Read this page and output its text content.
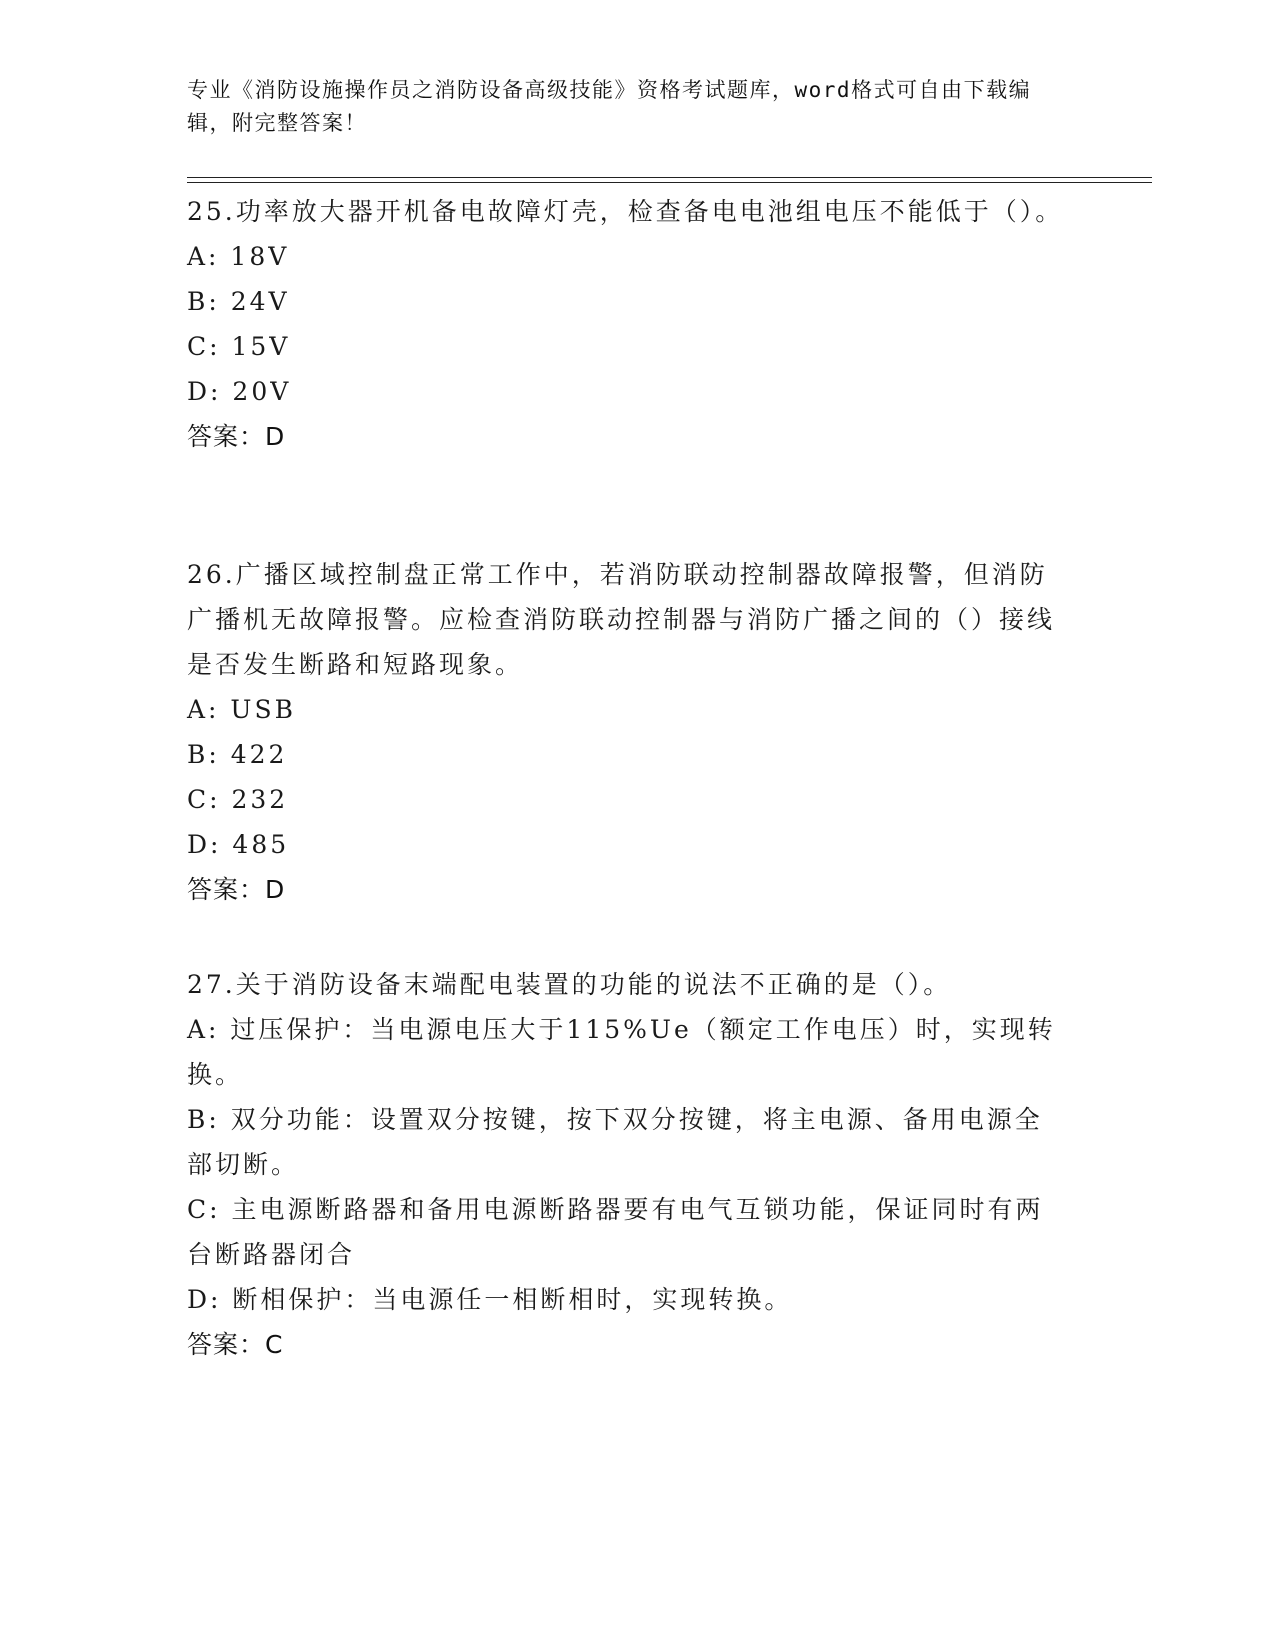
专业《消防设施操作员之消防设备高级技能》资格考试题库，word格式可自由下载编辑，附完整答案！
25.功率放大器开机备电故障灯壳，检查备电电池组电压不能低于（）。
A: 18V
B: 24V
C: 15V
D: 20V
答案：D
26.广播区域控制盘正常工作中，若消防联动控制器故障报警，但消防广播机无故障报警。应检查消防联动控制器与消防广播之间的（）接线是否发生断路和短路现象。
A: USB
B: 422
C: 232
D: 485
答案：D
27.关于消防设备末端配电装置的功能的说法不正确的是（）。
A: 过压保护：当电源电压大于115%Ue（额定工作电压）时，实现转换。
B: 双分功能：设置双分按键，按下双分按键，将主电源、备用电源全部切断。
C: 主电源断路器和备用电源断路器要有电气互锁功能，保证同时有两台断路器闭合
D: 断相保护：当电源任一相断相时，实现转换。
答案：C
